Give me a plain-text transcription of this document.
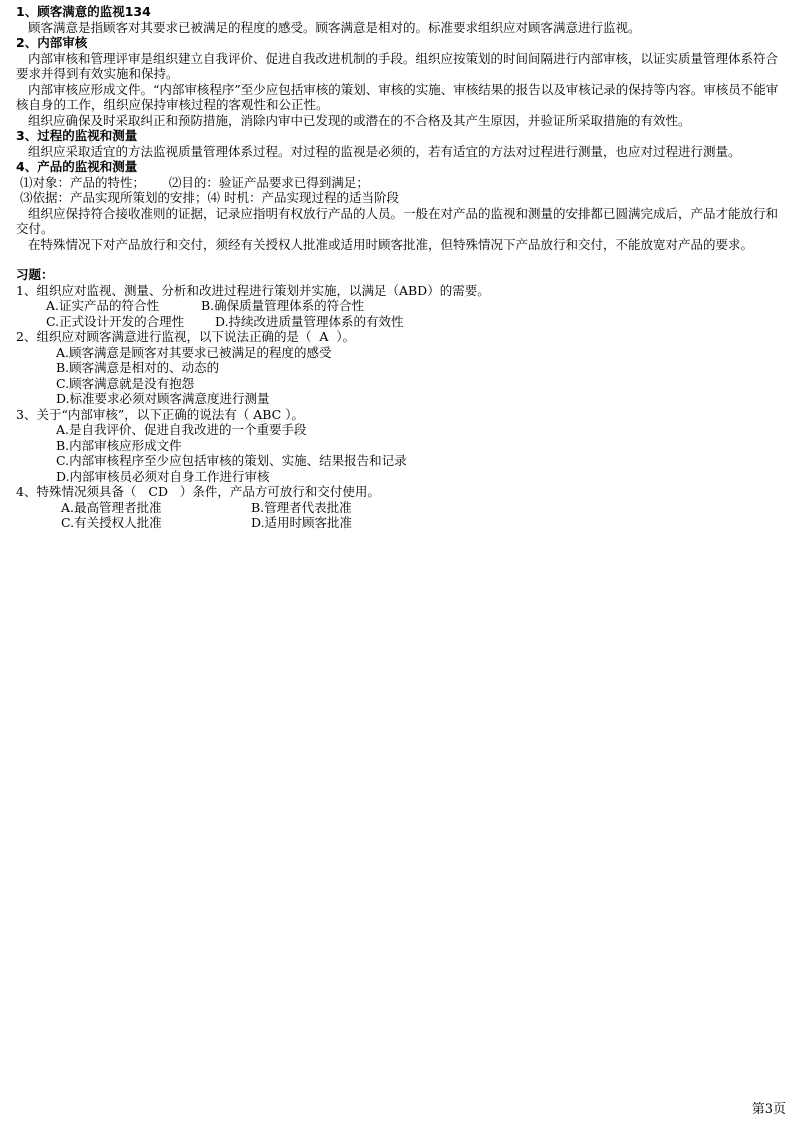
1、顾客满意的监视134
顾客满意是指顾客对其要求已被满足的程度的感受。顾客满意是相对的。标准要求组织应对顾客满意进行监视。
2、内部审核
内部审核和管理评审是组织建立自我评价、促进自我改进机制的手段。组织应按策划的时间间隔进行内部审核，以证实质量管理体系符合要求并得到有效实施和保持。
内部审核应形成文件。“内部审核程序”至少应包括审核的策划、审核的实施、审核结果的报告以及审核记录的保持等内容。审核员不能审核自身的工作，组织应保持审核过程的客观性和公正性。
组织应确保及时采取纠正和预防措施，消除内审中已发现的或潜在的不合格及其产生原因，并验证所采取措施的有效性。
3、过程的监视和测量
组织应采取适宜的方法监视质量管理体系过程。对过程的监视是必须的，若有适宜的方法对过程进行测量，也应对过程进行测量。
4、产品的监视和测量
⑴对象：产品的特性；      ⑵目的：验证产品要求已得到满足；
⑶依据：产品实现所策划的安排；⑷ 时机：产品实现过程的适当阶段
组织应保持符合接收准则的证据，记录应指明有权放行产品的人员。一般在对产品的监视和测量的安排都已圆满完成后，产品才能放行和交付。
在特殊情况下对产品放行和交付，须经有关授权人批准或适用时顾客批准，但特殊情况下产品放行和交付，不能放宽对产品的要求。
习题：
1、组织应对监视、测量、分析和改进过程进行策划并实施，以满足（ABD）的需要。
A.证实产品的符合性	B.确保质量管理体系的符合性
C.正式设计开发的合理性	D.持续改进质量管理体系的有效性
2、组织应对顾客满意进行监视，以下说法正确的是（  A  ）。
A.顾客满意是顾客对其要求已被满足的程度的感受
B.顾客满意是相对的、动态的
C.顾客满意就是没有抱怨
D.标准要求必须对顾客满意度进行测量
3、关于“内部审核”，以下正确的说法有（ ABC ）。
A.是自我评价、促进自我改进的一个重要手段
B.内部审核应形成文件
C.内部审核程序至少应包括审核的策划、实施、结果报告和记录
D.内部审核员必须对自身工作进行审核
4、特殊情况须具备（   CD   ）条件，产品方可放行和交付使用。
A.最高管理者批准	B.管理者代表批准
C.有关授权人批准	D.适用时顾客批准
第3页
